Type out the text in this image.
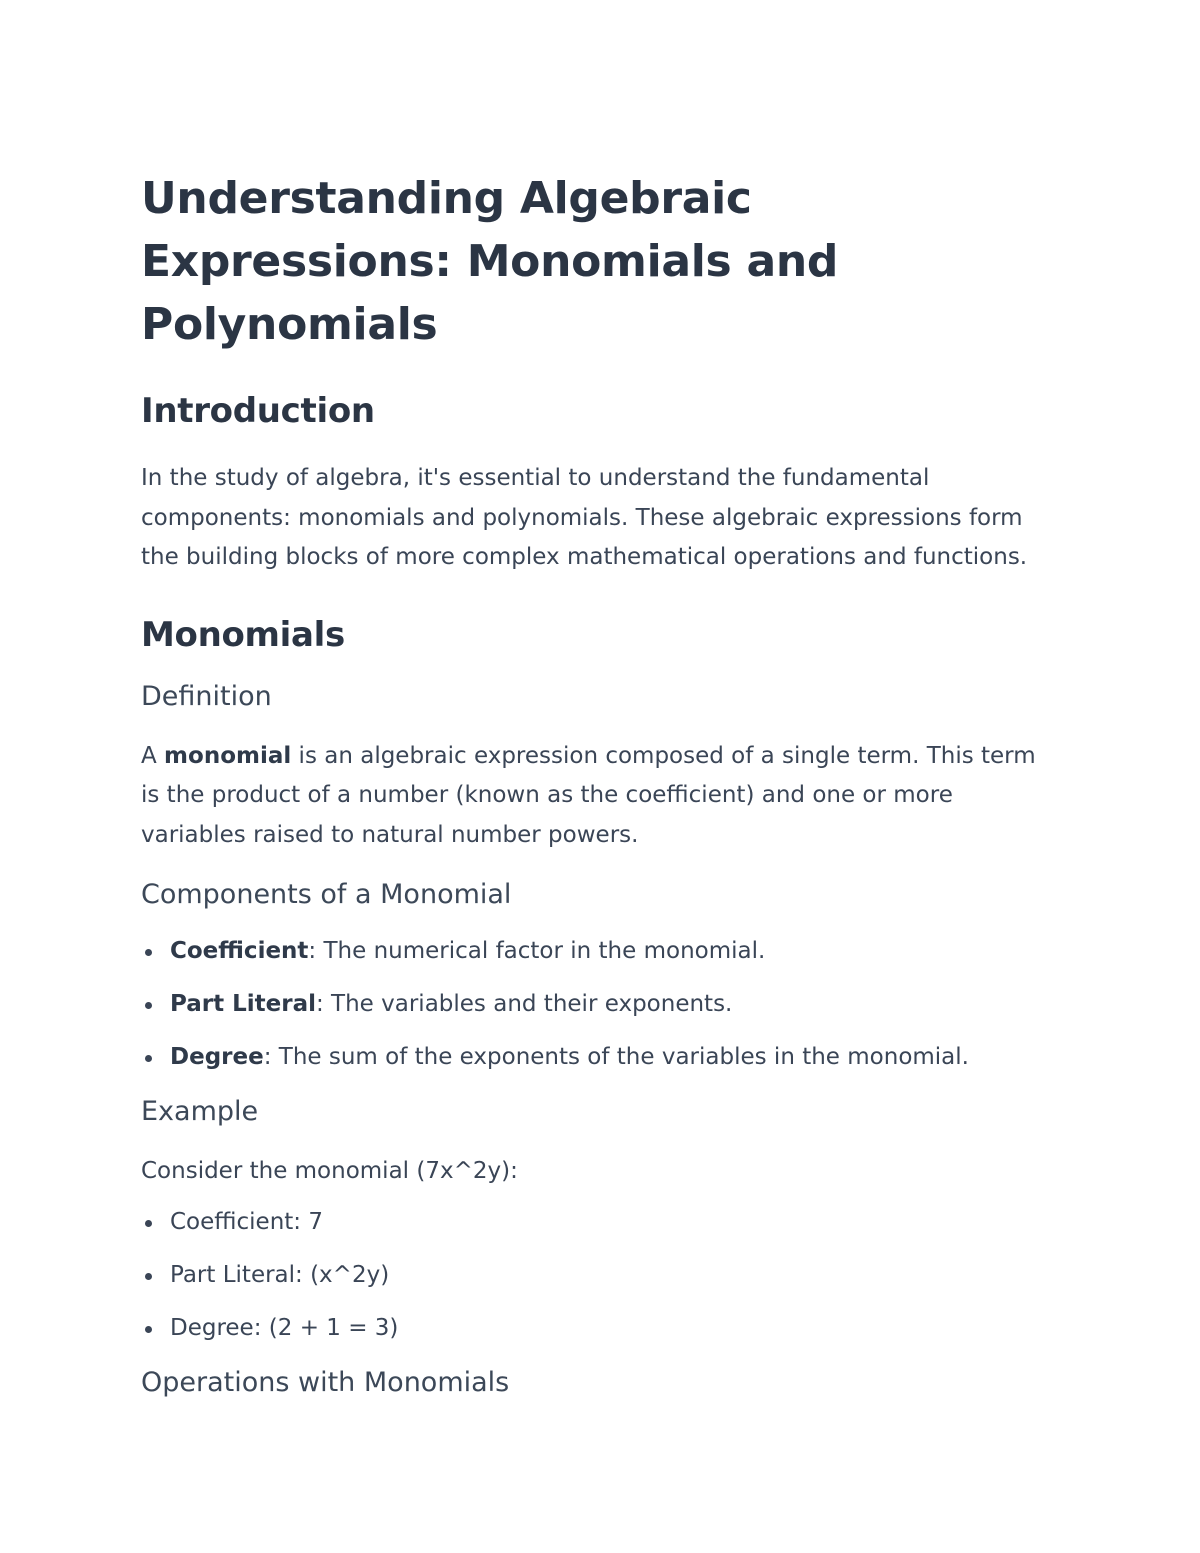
Understanding Algebraic Expressions: Monomials and Polynomials
Introduction

In the study of algebra, it's essential to understand the fundamental components: monomials and polynomials. These algebraic expressions form the building blocks of more complex mathematical operations and functions.

Monomials
Definition

A monomial is an algebraic expression composed of a single term. This term is the product of a number (known as the coefficient) and one or more variables raised to natural number powers.

Components of a Monomial
Coefficient: The numerical factor in the monomial.
Part Literal: The variables and their exponents.
Degree: The sum of the exponents of the variables in the monomial.
Example

Consider the monomial (7x^2y):

Coefficient: 7
Part Literal: (x^2y)
Degree: (2 + 1 = 3)
Operations with Monomials
